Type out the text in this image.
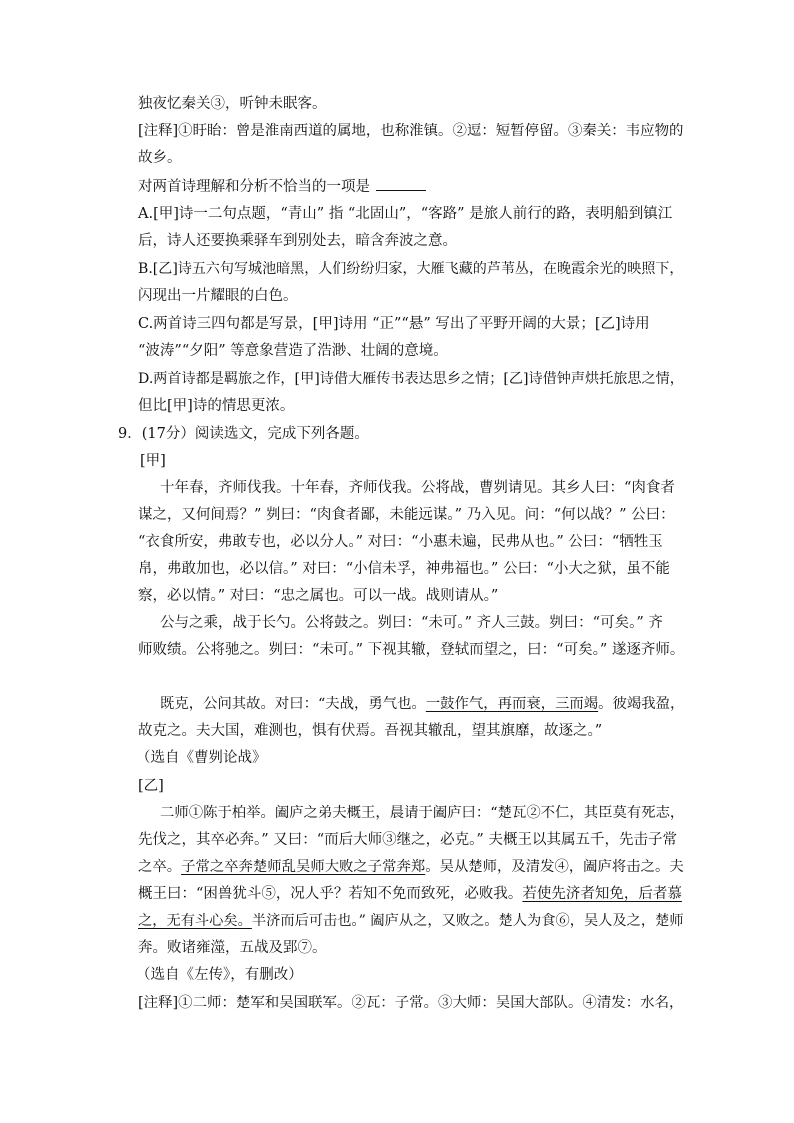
独夜忆秦关③，听钟未眠客。
[注释]①盱眙：曾是淮南西道的属地，也称淮镇。②逗：短暂停留。③秦关：韦应物的
故乡。
对两首诗理解和分析不恰当的一项是
A.[甲]诗一二句点题，“青山” 指 “北固山”，“客路” 是旅人前行的路，表明船到镇江
后，诗人还要换乘驿车到别处去，暗含奔波之意。
B.[乙]诗五六句写城池暗黑，人们纷纷归家，大雁飞藏的芦苇丛，在晚霞余光的映照下，
闪现出一片耀眼的白色。
C.两首诗三四句都是写景，[甲]诗用 “正”“悬” 写出了平野开阔的大景；[乙]诗用
“波涛”“夕阳” 等意象营造了浩渺、壮阔的意境。
D.两首诗都是羁旅之作，[甲]诗借大雁传书表达思乡之情；[乙]诗借钟声烘托旅思之情，
但比[甲]诗的情思更浓。
9．(17分）阅读选文，完成下列各题。
[甲]
十年春，齐师伐我。十年春，齐师伐我。公将战，曹刿请见。其乡人曰：“肉食者
谋之，又何间焉？” 刿曰：“肉食者鄙，未能远谋。” 乃入见。问：“何以战？” 公曰：
“衣食所安，弗敢专也，必以分人。” 对曰：“小惠未遍，民弗从也。” 公曰：“牺牲玉
帛，弗敢加也，必以信。” 对曰：“小信未孚，神弗福也。” 公曰：“小大之狱，虽不能
察，必以情。” 对曰：“忠之属也。可以一战。战则请从。”
公与之乘，战于长勺。公将鼓之。刿曰：“未可。” 齐人三鼓。刿曰：“可矣。” 齐
师败绩。公将驰之。刿曰：“未可。” 下视其辙，登轼而望之，曰：“可矣。” 遂逐齐师。
既克，公问其故。对曰：“夫战，勇气也。一鼓作气，再而衰，三而竭。彼竭我盈，
故克之。夫大国，难测也，惧有伏焉。吾视其辙乱，望其旗靡，故逐之。”
（选自《曹刿论战》
[乙]
二师①陈于柏举。阖庐之弟夫概王，晨请于阖庐曰：“楚瓦②不仁，其臣莫有死志，
先伐之，其卒必奔。” 又曰：“而后大师③继之，必克。” 夫概王以其属五千，先击子常
之卒。子常之卒奔楚师乱吴师大败之子常奔郑。吴从楚师，及清发④，阖庐将击之。夫
概王曰：“困兽犹斗⑤，况人乎？若知不免而致死，必败我。若使先济者知免，后者慕
之，无有斗心矣。半济而后可击也。” 阖庐从之，又败之。楚人为食⑥，吴人及之，楚师
奔。败诸雍澨，五战及郢⑦。
（选自《左传》，有删改）
[注释]①二师：楚军和吴国联军。②瓦：子常。③大师：吴国大部队。④清发：水名，
